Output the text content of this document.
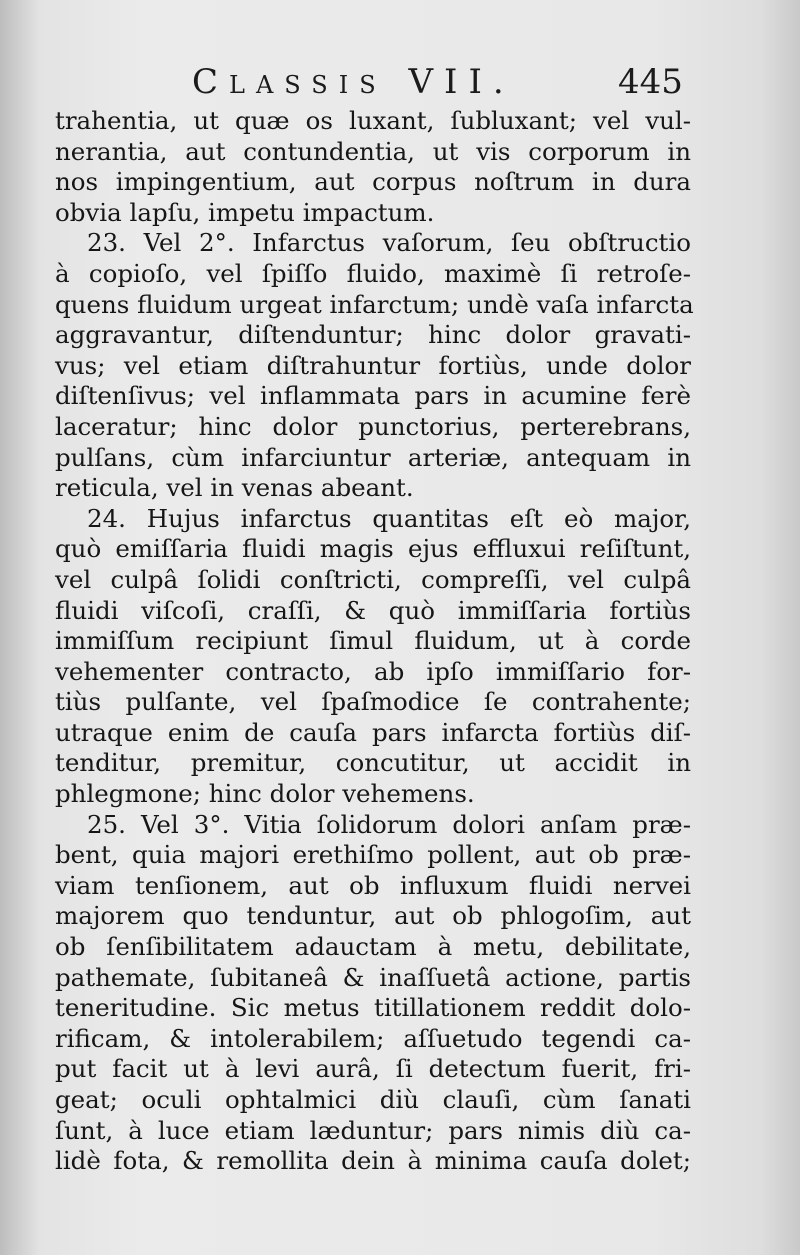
Classis VII.	445
trahentia, ut quæ os luxant, ſubluxant; vel vul-
nerantia, aut contundentia, ut vis corporum in
nos impingentium, aut corpus noſtrum in dura
obvia lapſu, impetu impactum.
23. Vel 2°. Infarctus vaſorum, ſeu obſtructio
à copioſo, vel ſpiſſo fluido, maximè ſi retroſe-
quens fluidum urgeat infarctum; undè vaſa infarcta
aggravantur, diſtenduntur; hinc dolor gravati-
vus; vel etiam diſtrahuntur fortiùs, unde dolor
diſtenſivus; vel inflammata pars in acumine ferè
laceratur; hinc dolor punctorius, perterebrans,
pulſans, cùm infarciuntur arteriæ, antequam in
reticula, vel in venas abeant.
24. Hujus infarctus quantitas eſt eò major,
quò emiſſaria fluidi magis ejus effluxui reſiſtunt,
vel culpâ ſolidi conſtricti, compreſſi, vel culpâ
fluidi viſcoſi, craſſi, & quò immiſſaria fortiùs
immiſſum recipiunt ſimul fluidum, ut à corde
vehementer contracto, ab ipſo immiſſario for-
tiùs pulſante, vel ſpaſmodice ſe contrahente;
utraque enim de cauſa pars infarcta fortiùs diſ-
tenditur, premitur, concutitur, ut accidit in
phlegmone; hinc dolor vehemens.
25. Vel 3°. Vitia ſolidorum dolori anſam præ-
bent, quia majori erethiſmo pollent, aut ob præ-
viam tenſionem, aut ob influxum fluidi nervei
majorem quo tenduntur, aut ob phlogoſim, aut
ob ſenſibilitatem adauctam à metu, debilitate,
pathemate, ſubitaneâ & inaſſuetâ actione, partis
teneritudine. Sic metus titillationem reddit dolo-
rificam, & intolerabilem; aſſuetudo tegendi ca-
put facit ut à levi aurâ, ſi detectum fuerit, fri-
geat; oculi ophtalmici diù clauſi, cùm ſanati
ſunt, à luce etiam læduntur; pars nimis diù ca-
lidè fota, & remollita dein à minima cauſa dolet;
